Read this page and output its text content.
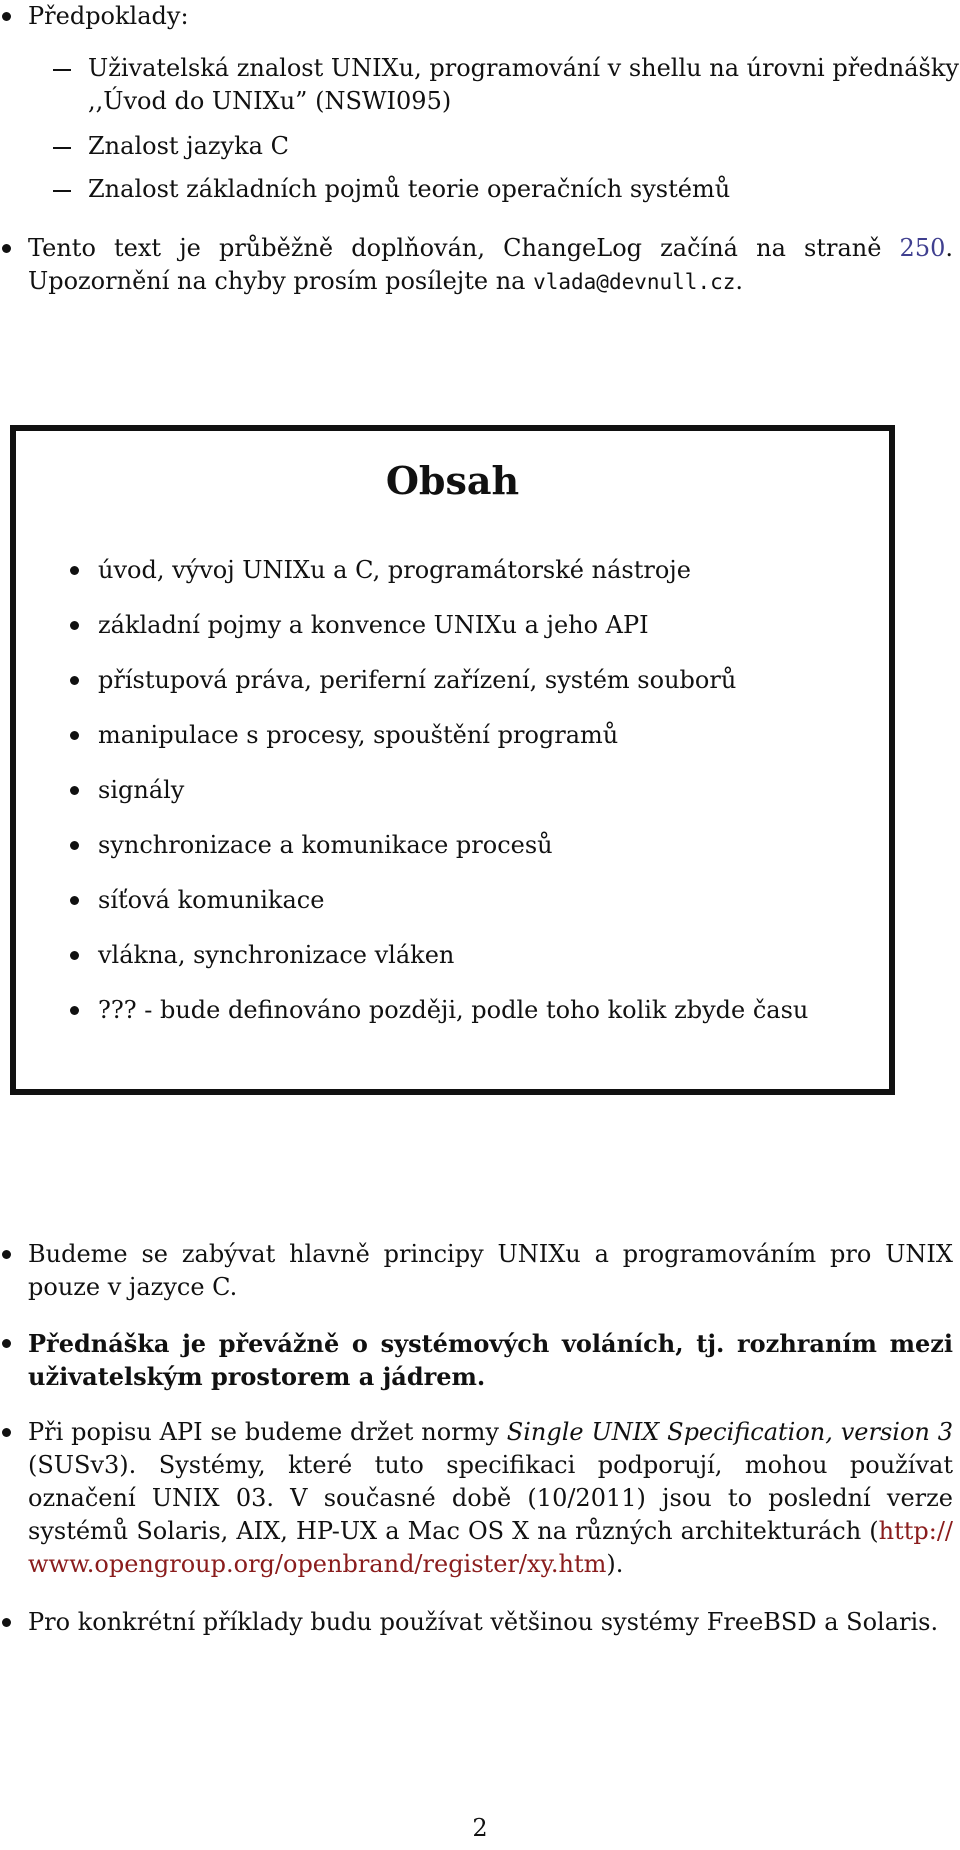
Předpoklady:
Uživatelská znalost UNIXu, programování v shellu na úrovni přednášky
,,Úvod do UNIXu” (NSWI095)
Znalost jazyka C
Znalost základních pojmů teorie operačních systémů
Tento text je průběžně doplňován, ChangeLog začíná na straně 250. Upozornění na chyby prosím posílejte na vlada@devnull.cz.
Obsah
úvod, vývoj UNIXu a C, programátorské nástroje
základní pojmy a konvence UNIXu a jeho API
přístupová práva, periferní zařízení, systém souborů
manipulace s procesy, spouštění programů
signály
synchronizace a komunikace procesů
síťová komunikace
vlákna, synchronizace vláken
??? - bude definováno později, podle toho kolik zbyde času
Budeme se zabývat hlavně principy UNIXu a programováním pro UNIX pouze v jazyce C.
Přednáška je převážně o systémových voláních, tj. rozhraním mezi uživatelským prostorem a jádrem.
Při popisu API se budeme držet normy Single UNIX Specification, version 3 (SUSv3). Systémy, které tuto specifikaci podporují, mohou používat označení UNIX 03. V současné době (10/2011) jsou to poslední verze systémů Solaris, AIX, HP-UX a Mac OS X na různých architekturách (http://www.opengroup.org/openbrand/register/xy.htm).
Pro konkrétní příklady budu používat většinou systémy FreeBSD a Solaris.
2
